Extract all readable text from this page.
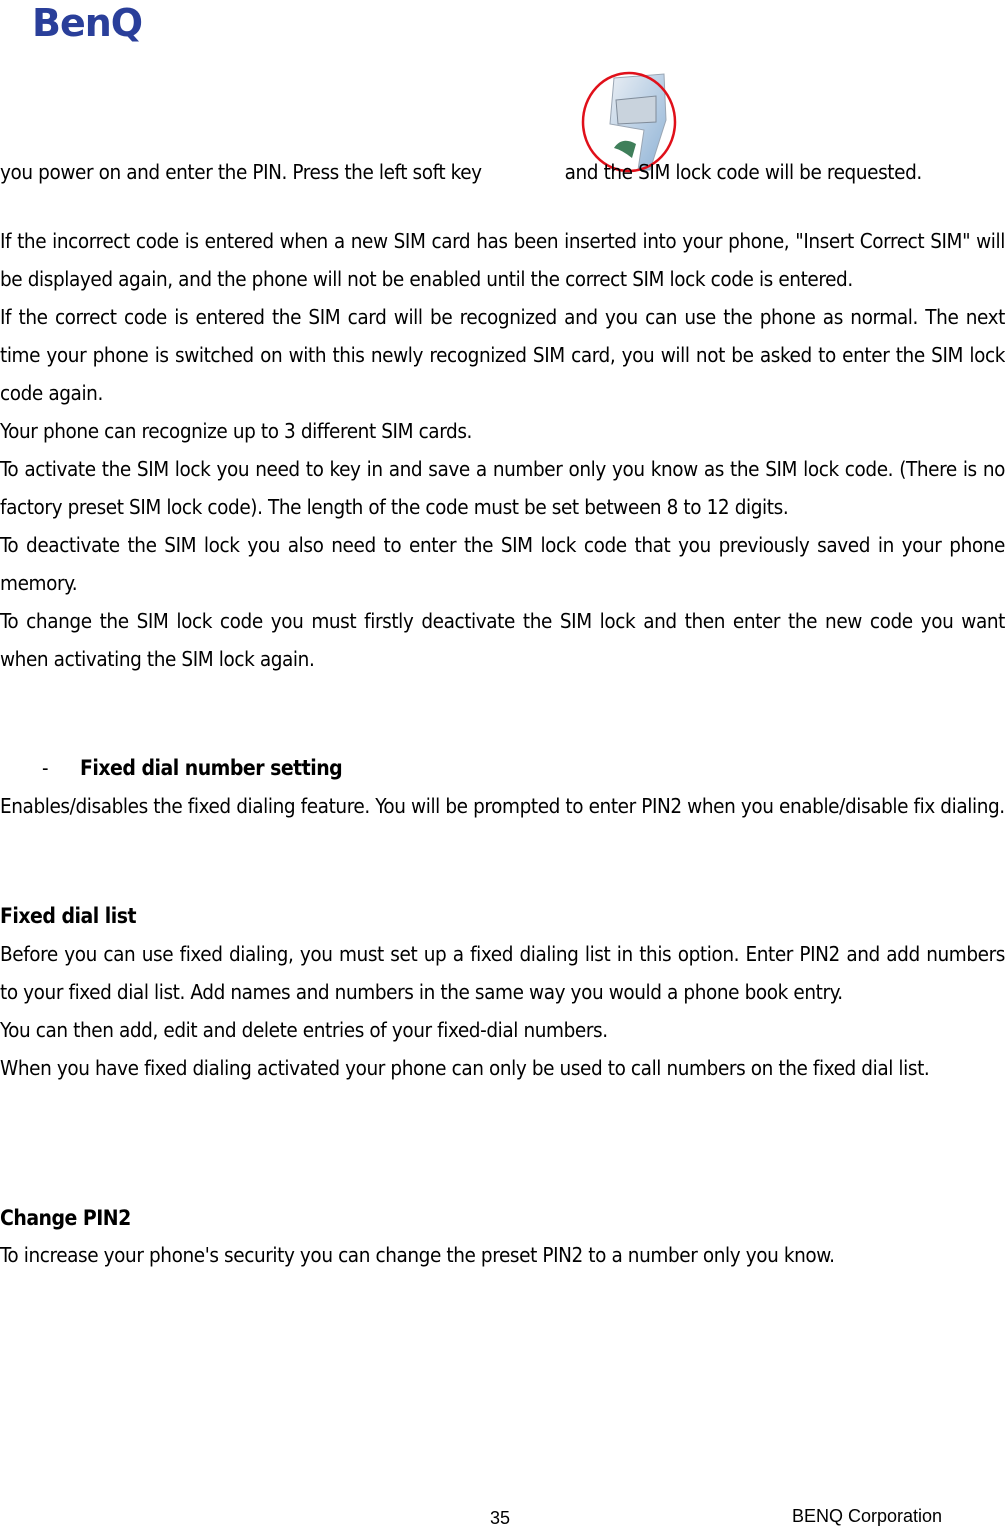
BenQ
you power on and enter the PIN. Press the left soft key	and the SIM lock code will be requested.

If the incorrect code is entered when a new SIM card has been inserted into your phone, "Insert Correct SIM" will be displayed again, and the phone will not be enabled until the correct SIM lock code is entered.

If the correct code is entered the SIM card will be recognized and you can use the phone as normal. The next time your phone is switched on with this newly recognized SIM card, you will not be asked to enter the SIM lock code again.

Your phone can recognize up to 3 different SIM cards.

To activate the SIM lock you need to key in and save a number only you know as the SIM lock code. (There is no factory preset SIM lock code). The length of the code must be set between 8 to 12 digits.

To deactivate the SIM lock you also need to enter the SIM lock code that you previously saved in your phone memory.

To change the SIM lock code you must firstly deactivate the SIM lock and then enter the new code you want when activating the SIM lock again.

- Fixed dial number setting

Enables/disables the fixed dialing feature. You will be prompted to enter PIN2 when you enable/disable fix dialing.

Fixed dial list

Before you can use fixed dialing, you must set up a fixed dialing list in this option. Enter PIN2 and add numbers to your fixed dial list. Add names and numbers in the same way you would a phone book entry.

You can then add, edit and delete entries of your fixed-dial numbers.

When you have fixed dialing activated your phone can only be used to call numbers on the fixed dial list.

Change PIN2

To increase your phone's security you can change the preset PIN2 to a number only you know.

35	BENQ Corporation
